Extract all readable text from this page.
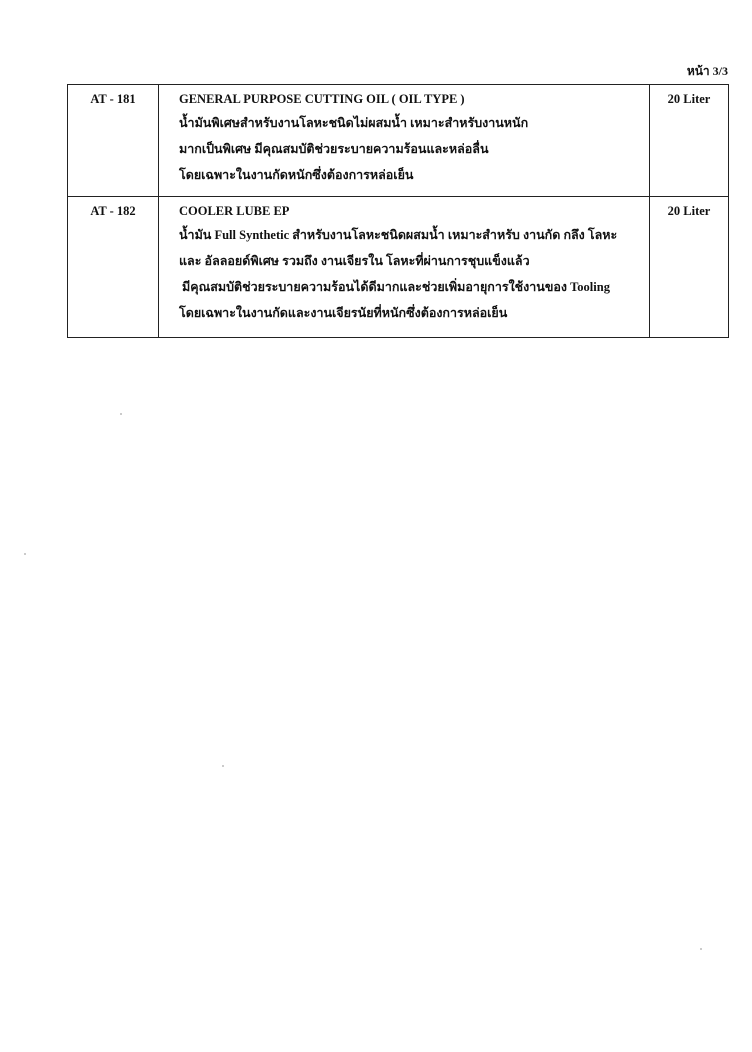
หน้า 3/3
AT - 181	GENERAL PURPOSE CUTTING OIL ( OIL TYPE )
น้ำมันพิเศษสำหรับงานโลหะชนิดไม่ผสมน้ำ เหมาะสำหรับงานหนัก
มากเป็นพิเศษ มีคุณสมบัติช่วยระบายความร้อนและหล่อลื่น
โดยเฉพาะในงานกัดหนักซึ่งต้องการหล่อเย็น	20 Liter
AT - 182	COOLER LUBE EP
น้ำมัน Full Synthetic สำหรับงานโลหะชนิดผสมน้ำ เหมาะสำหรับ งานกัด กลึง โลหะ
และ อัลลอยด์พิเศษ รวมถึง งานเจียรใน โลหะที่ผ่านการชุบแข็งแล้ว
มีคุณสมบัติช่วยระบายความร้อนได้ดีมากและช่วยเพิ่มอายุการใช้งานของ Tooling
โดยเฉพาะในงานกัดและงานเจียรนัยที่หนักซึ่งต้องการหล่อเย็น	20 Liter
